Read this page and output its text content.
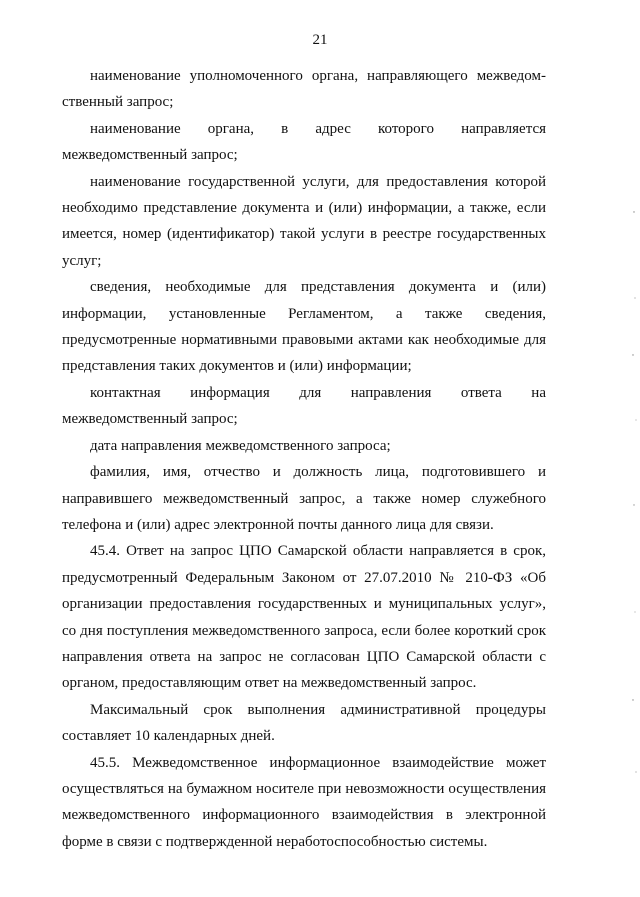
21

наименование уполномоченного органа, направляющего межведом-ственный запрос;

наименование органа, в адрес которого направляется межведомственный запрос;

наименование государственной услуги, для предоставления которой необходимо представление документа и (или) информации, а также, если имеется, номер (идентификатор) такой услуги в реестре государственных услуг;

сведения, необходимые для представления документа и (или) информации, установленные Регламентом, а также сведения, предусмотренные нормативными правовыми актами как необходимые для представления таких документов и (или) информации;

контактная информация для направления ответа на межведомственный запрос;

дата направления межведомственного запроса;

фамилия, имя, отчество и должность лица, подготовившего и направившего межведомственный запрос, а также номер служебного телефона и (или) адрес электронной почты данного лица для связи.

45.4. Ответ на запрос ЦПО Самарской области направляется в срок, предусмотренный Федеральным Законом от 27.07.2010 № 210-ФЗ «Об организации предоставления государственных и муниципальных услуг», со дня поступления межведомственного запроса, если более короткий срок направления ответа на запрос не согласован ЦПО Самарской области с органом, предоставляющим ответ на межведомственный запрос.

Максимальный срок выполнения административной процедуры составляет 10 календарных дней.

45.5. Межведомственное информационное взаимодействие может осуществляться на бумажном носителе при невозможности осуществления межведомственного информационного взаимодействия в электронной форме в связи с подтвержденной неработоспособностью системы.
